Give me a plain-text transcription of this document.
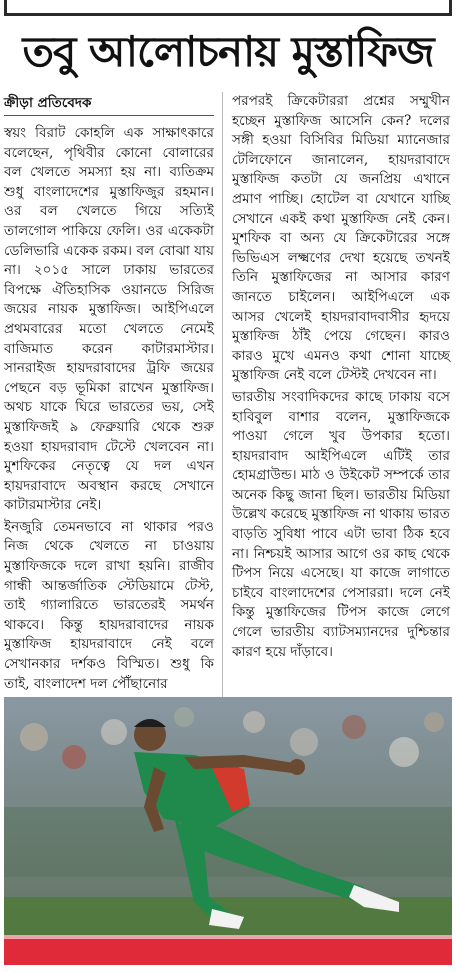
তবু আলোচনায় মুস্তাফিজ
ক্রীড়া প্রতিবেদক

স্বয়ং বিরাট কোহলি এক সাক্ষাৎকারে বলেছেন, পৃথিবীর কোনো বোলারের বল খেলতে সমস্যা হয় না। ব্যতিক্রম শুধু বাংলাদেশের মুস্তাফিজুর রহমান। ওর বল খেলতে গিয়ে সত্যিই তালগোল পাকিয়ে ফেলি। ওর একেকটা ডেলিভারি একেক রকম। বল বোঝা যায় না। ২০১৫ সালে ঢাকায় ভারতের বিপক্ষে ঐতিহাসিক ওয়ানডে সিরিজ জয়ের নায়ক মুস্তাফিজ। আইপিএলে প্রথমবারের মতো খেলতে নেমেই বাজিমাত করেন কাটারমাস্টার। সানরাইজ হায়দরাবাদের ট্রফি জয়ের পেছনে বড় ভূমিকা রাখেন মুস্তাফিজ। অথচ যাকে ঘিরে ভারতের ভয়, সেই মুস্তাফিজই ৯ ফেব্রুয়ারি থেকে শুরু হওয়া হায়দরাবাদ টেস্টে খেলবেন না। মুশফিকের নেতৃত্বে যে দল এখন হায়দরাবাদে অবস্থান করছে সেখানে কাটারমাস্টার নেই।

ইনজুরি তেমনভাবে না থাকার পরও নিজ থেকে খেলতে না চাওয়ায় মুস্তাফিজকে দলে রাখা হয়নি। রাজীব গান্ধী আন্তর্জাতিক স্টেডিয়ামে টেস্ট, তাই গ্যালারিতে ভারতেরই সমর্থন থাকবে। কিন্তু হায়দরাবাদের নায়ক মুস্তাফিজ হায়দরাবাদে নেই বলে সেখানকার দর্শকও বিস্মিত। শুধু কি তাই, বাংলাদেশ দল পৌঁছানোর

পরপরই ক্রিকেটাররা প্রশ্নের সম্মুখীন হচ্ছেন মুস্তাফিজ আসেনি কেন? দলের সঙ্গী হওয়া বিসিবির মিডিয়া ম্যানেজার টেলিফোনে জানালেন, হায়দরাবাদে মুস্তাফিজ কতটা যে জনপ্রিয় এখানে প্রমাণ পাচ্ছি। হোটেল বা যেখানে যাচ্ছি সেখানে একই কথা মুস্তাফিজ নেই কেন। মুশফিক বা অন্য যে ক্রিকেটারের সঙ্গে ভিভিএস লক্ষ্মণের দেখা হয়েছে তখনই তিনি মুস্তাফিজের না আসার কারণ জানতে চাইলেন। আইপিএলে এক আসর খেলেই হায়দরাবাদবাসীর হৃদয়ে মুস্তাফিজ ঠাঁই পেয়ে গেছেন। কারও কারও মুখে এমনও কথা শোনা যাচ্ছে মুস্তাফিজ নেই বলে টেস্টই দেখবেন না।

ভারতীয় সংবাদিকদের কাছে ঢাকায় বসে হাবিবুল বাশার বলেন, মুস্তাফিজকে পাওয়া গেলে খুব উপকার হতো। হায়দরাবাদ আইপিএলে এটিই তার হোমগ্রাউন্ড। মাঠ ও উইকেট সম্পর্কে তার অনেক কিছু জানা ছিল। ভারতীয় মিডিয়া উল্লেখ করেছে মুস্তাফিজ না থাকায় ভারত বাড়তি সুবিধা পাবে এটা ভাবা ঠিক হবে না। নিশ্চয়ই আসার আগে ওর কাছ থেকে টিপস নিয়ে এসেছে। যা কাজে লাগাতে চাইবে বাংলাদেশের পেসাররা। দলে নেই কিন্তু মুস্তাফিজের টিপস কাজে লেগে গেলে ভারতীয় ব্যাটসম্যানদের দুশ্চিন্তার কারণ হয়ে দাঁড়াবে।
